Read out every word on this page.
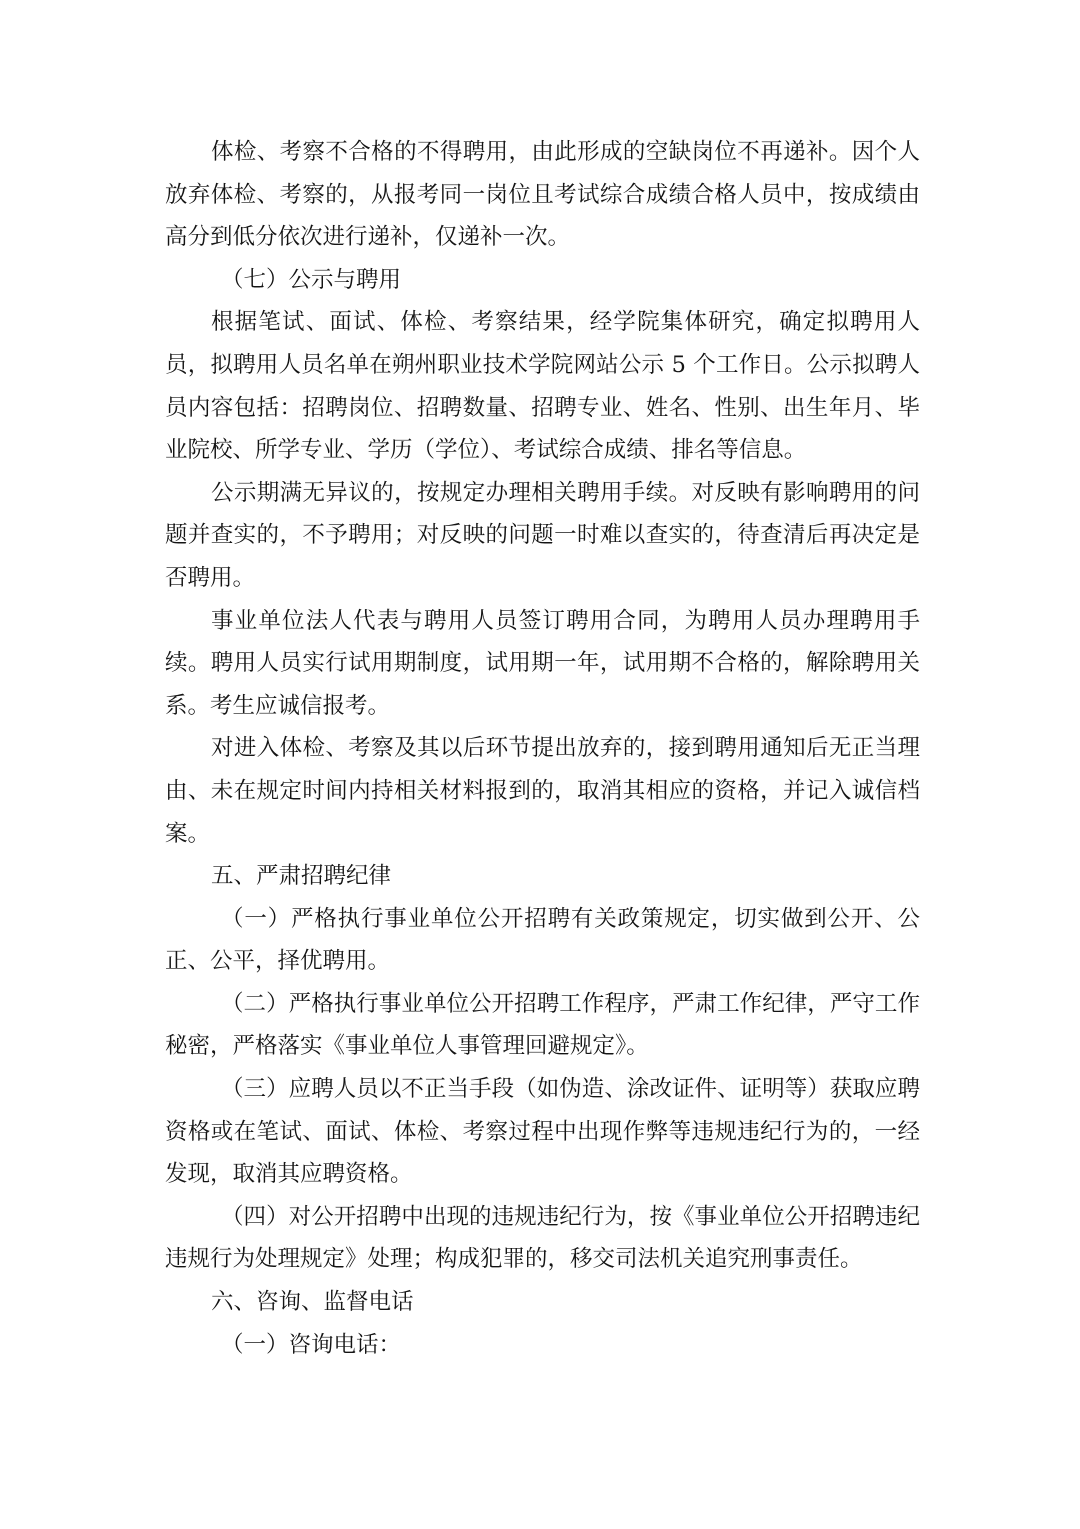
体检、考察不合格的不得聘用，由此形成的空缺岗位不再递补。因个人放弃体检、考察的，从报考同一岗位且考试综合成绩合格人员中，按成绩由高分到低分依次进行递补，仅递补一次。

（七）公示与聘用

根据笔试、面试、体检、考察结果，经学院集体研究，确定拟聘用人员，拟聘用人员名单在朔州职业技术学院网站公示 5 个工作日。公示拟聘人员内容包括：招聘岗位、招聘数量、招聘专业、姓名、性别、出生年月、毕业院校、所学专业、学历（学位）、考试综合成绩、排名等信息。

公示期满无异议的，按规定办理相关聘用手续。对反映有影响聘用的问题并查实的，不予聘用；对反映的问题一时难以查实的，待查清后再决定是否聘用。

事业单位法人代表与聘用人员签订聘用合同，为聘用人员办理聘用手续。聘用人员实行试用期制度，试用期一年，试用期不合格的，解除聘用关系。考生应诚信报考。

对进入体检、考察及其以后环节提出放弃的，接到聘用通知后无正当理由、未在规定时间内持相关材料报到的，取消其相应的资格，并记入诚信档案。

五、严肃招聘纪律

（一）严格执行事业单位公开招聘有关政策规定，切实做到公开、公正、公平，择优聘用。

（二）严格执行事业单位公开招聘工作程序，严肃工作纪律，严守工作秘密，严格落实《事业单位人事管理回避规定》。

（三）应聘人员以不正当手段（如伪造、涂改证件、证明等）获取应聘资格或在笔试、面试、体检、考察过程中出现作弊等违规违纪行为的，一经发现，取消其应聘资格。

（四）对公开招聘中出现的违规违纪行为，按《事业单位公开招聘违纪违规行为处理规定》处理；构成犯罪的，移交司法机关追究刑事责任。

六、咨询、监督电话

（一）咨询电话：
